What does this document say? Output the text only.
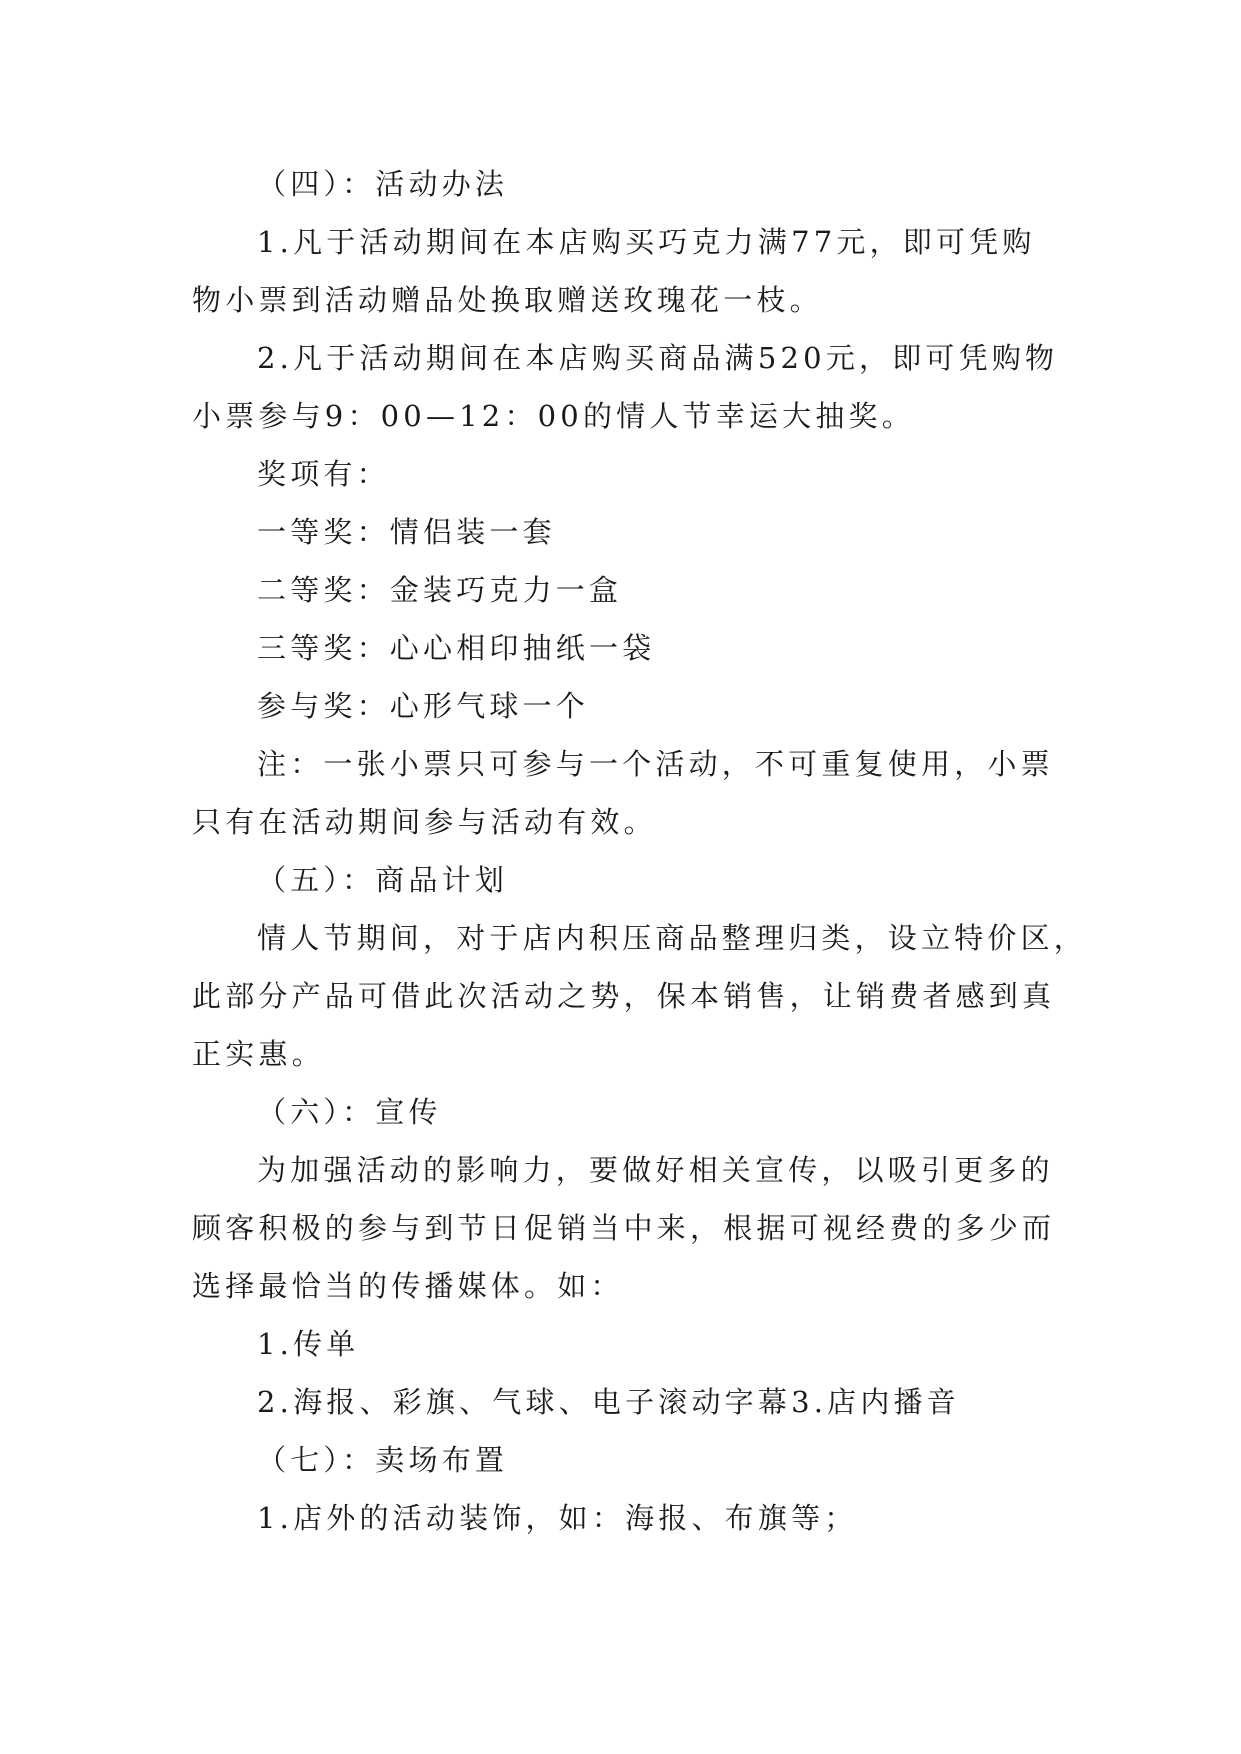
（四）：活动办法
1.凡于活动期间在本店购买巧克力满77元，即可凭购
物小票到活动赠品处换取赠送玫瑰花一枝。
2.凡于活动期间在本店购买商品满520元，即可凭购物
小票参与9：00—12：00的情人节幸运大抽奖。
奖项有：
一等奖：情侣装一套
二等奖：金装巧克力一盒
三等奖：心心相印抽纸一袋
参与奖：心形气球一个
注：一张小票只可参与一个活动，不可重复使用，小票
只有在活动期间参与活动有效。
（五）：商品计划
情人节期间，对于店内积压商品整理归类，设立特价区，
此部分产品可借此次活动之势，保本销售，让销费者感到真
正实惠。
（六）：宣传
为加强活动的影响力，要做好相关宣传，以吸引更多的
顾客积极的参与到节日促销当中来，根据可视经费的多少而
选择最恰当的传播媒体。如：
1.传单
2.海报、彩旗、气球、电子滚动字幕3.店内播音
（七）：卖场布置
1.店外的活动装饰，如：海报、布旗等；
